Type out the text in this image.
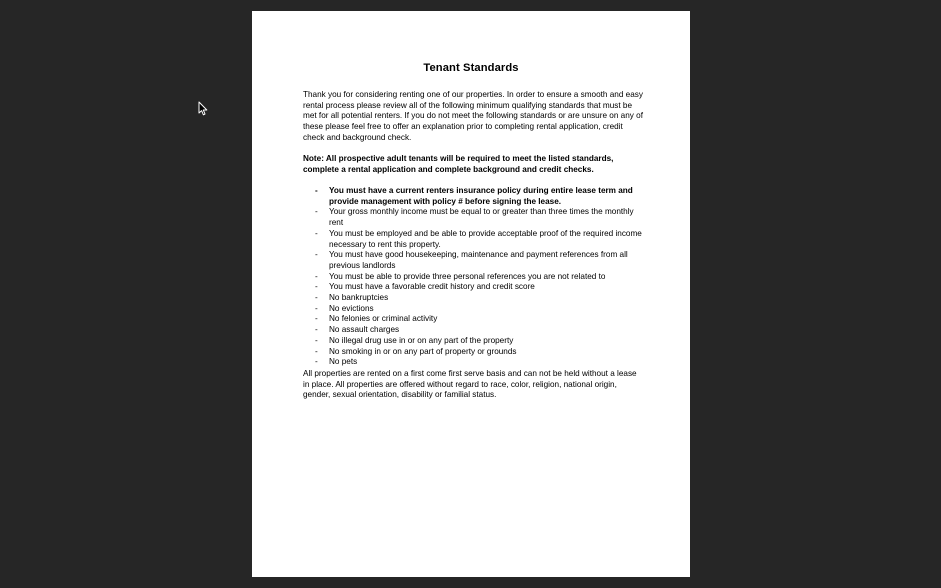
Tenant Standards
Thank you for considering renting one of our properties. In order to ensure a smooth and easy rental process please review all of the following minimum qualifying standards that must be met for all potential renters. If you do not meet the following standards or are unsure on any of these please feel free to offer an explanation prior to completing rental application, credit check and background check.
Note: All prospective adult tenants will be required to meet the listed standards, complete a rental application and complete background and credit checks.
- You must have a current renters insurance policy during entire lease term and provide management with policy # before signing the lease.
- Your gross monthly income must be equal to or greater than three times the monthly rent
- You must be employed and be able to provide acceptable proof of the required income necessary to rent this property.
- You must have good housekeeping, maintenance and payment references from all previous landlords
- You must be able to provide three personal references you are not related to
- You must have a favorable credit history and credit score
- No bankruptcies
- No evictions
- No felonies or criminal activity
- No assault charges
- No illegal drug use in or on any part of the property
- No smoking in or on any part of property or grounds
- No pets
All properties are rented on a first come first serve basis and can not be held without a lease in place. All properties are offered without regard to race, color, religion, national origin, gender, sexual orientation, disability or familial status.
